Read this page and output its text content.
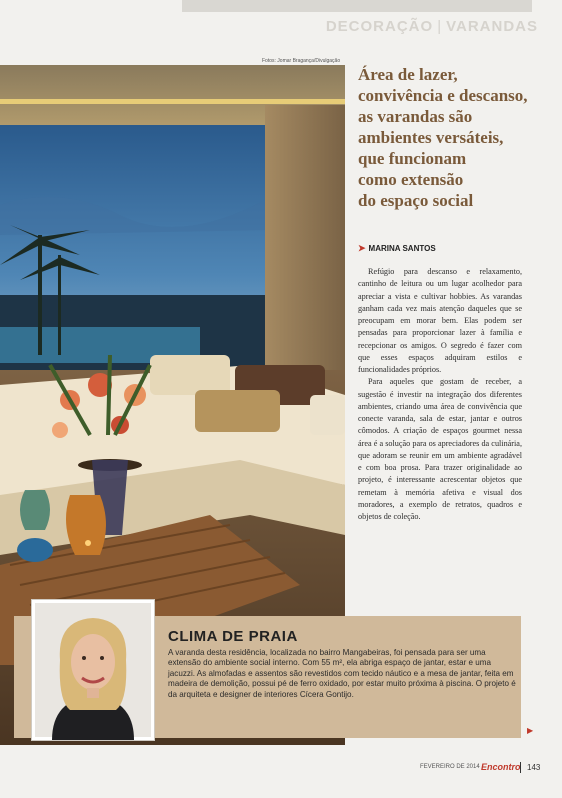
DECORAÇÃO | VARANDAS
Fotos: Jomar Bragança/Divulgação
Área de lazer,
convivência e descanso,
as varandas são
ambientes versáteis,
que funcionam
como extensão
do espaço social
➤ MARINA SANTOS

Refúgio para descanso e relaxamento, cantinho de leitura ou um lugar acolhedor para apreciar a vista e cultivar hobbies. As varandas ganham cada vez mais atenção daqueles que se preocupam em morar bem. Elas podem ser pensadas para proporcionar lazer à família e recepcionar os amigos. O segredo é fazer com que esses espaços adquiram estilos e funcionalidades próprios.

Para aqueles que gostam de receber, a sugestão é investir na integração dos diferentes ambientes, criando uma área de convivência que conecte varanda, sala de estar, jantar e outros cômodos. A criação de espaços gourmet nessa área é a solução para os apreciadores da culinária, que adoram se reunir em um ambiente agradável e com boa prosa. Para trazer originalidade ao projeto, é interessante acrescentar objetos que remetam à memória afetiva e visual dos moradores, a exemplo de retratos, quadros e objetos de coleção.

CLIMA DE PRAIA
A varanda desta residência, localizada no bairro Mangabeiras, foi pensada para ser uma extensão do ambiente social interno. Com 55 m², ela abriga espaço de jantar, estar e uma jacuzzi. As almofadas e assentos são revestidos com tecido náutico e a mesa de jantar, feita em madeira de demolição, possui pé de ferro oxidado, por estar muito próxima à piscina. O projeto é da arquiteta e designer de interiores Cícera Gontijo.
▶
FEVEREIRO DE 2014 Encontro 143
